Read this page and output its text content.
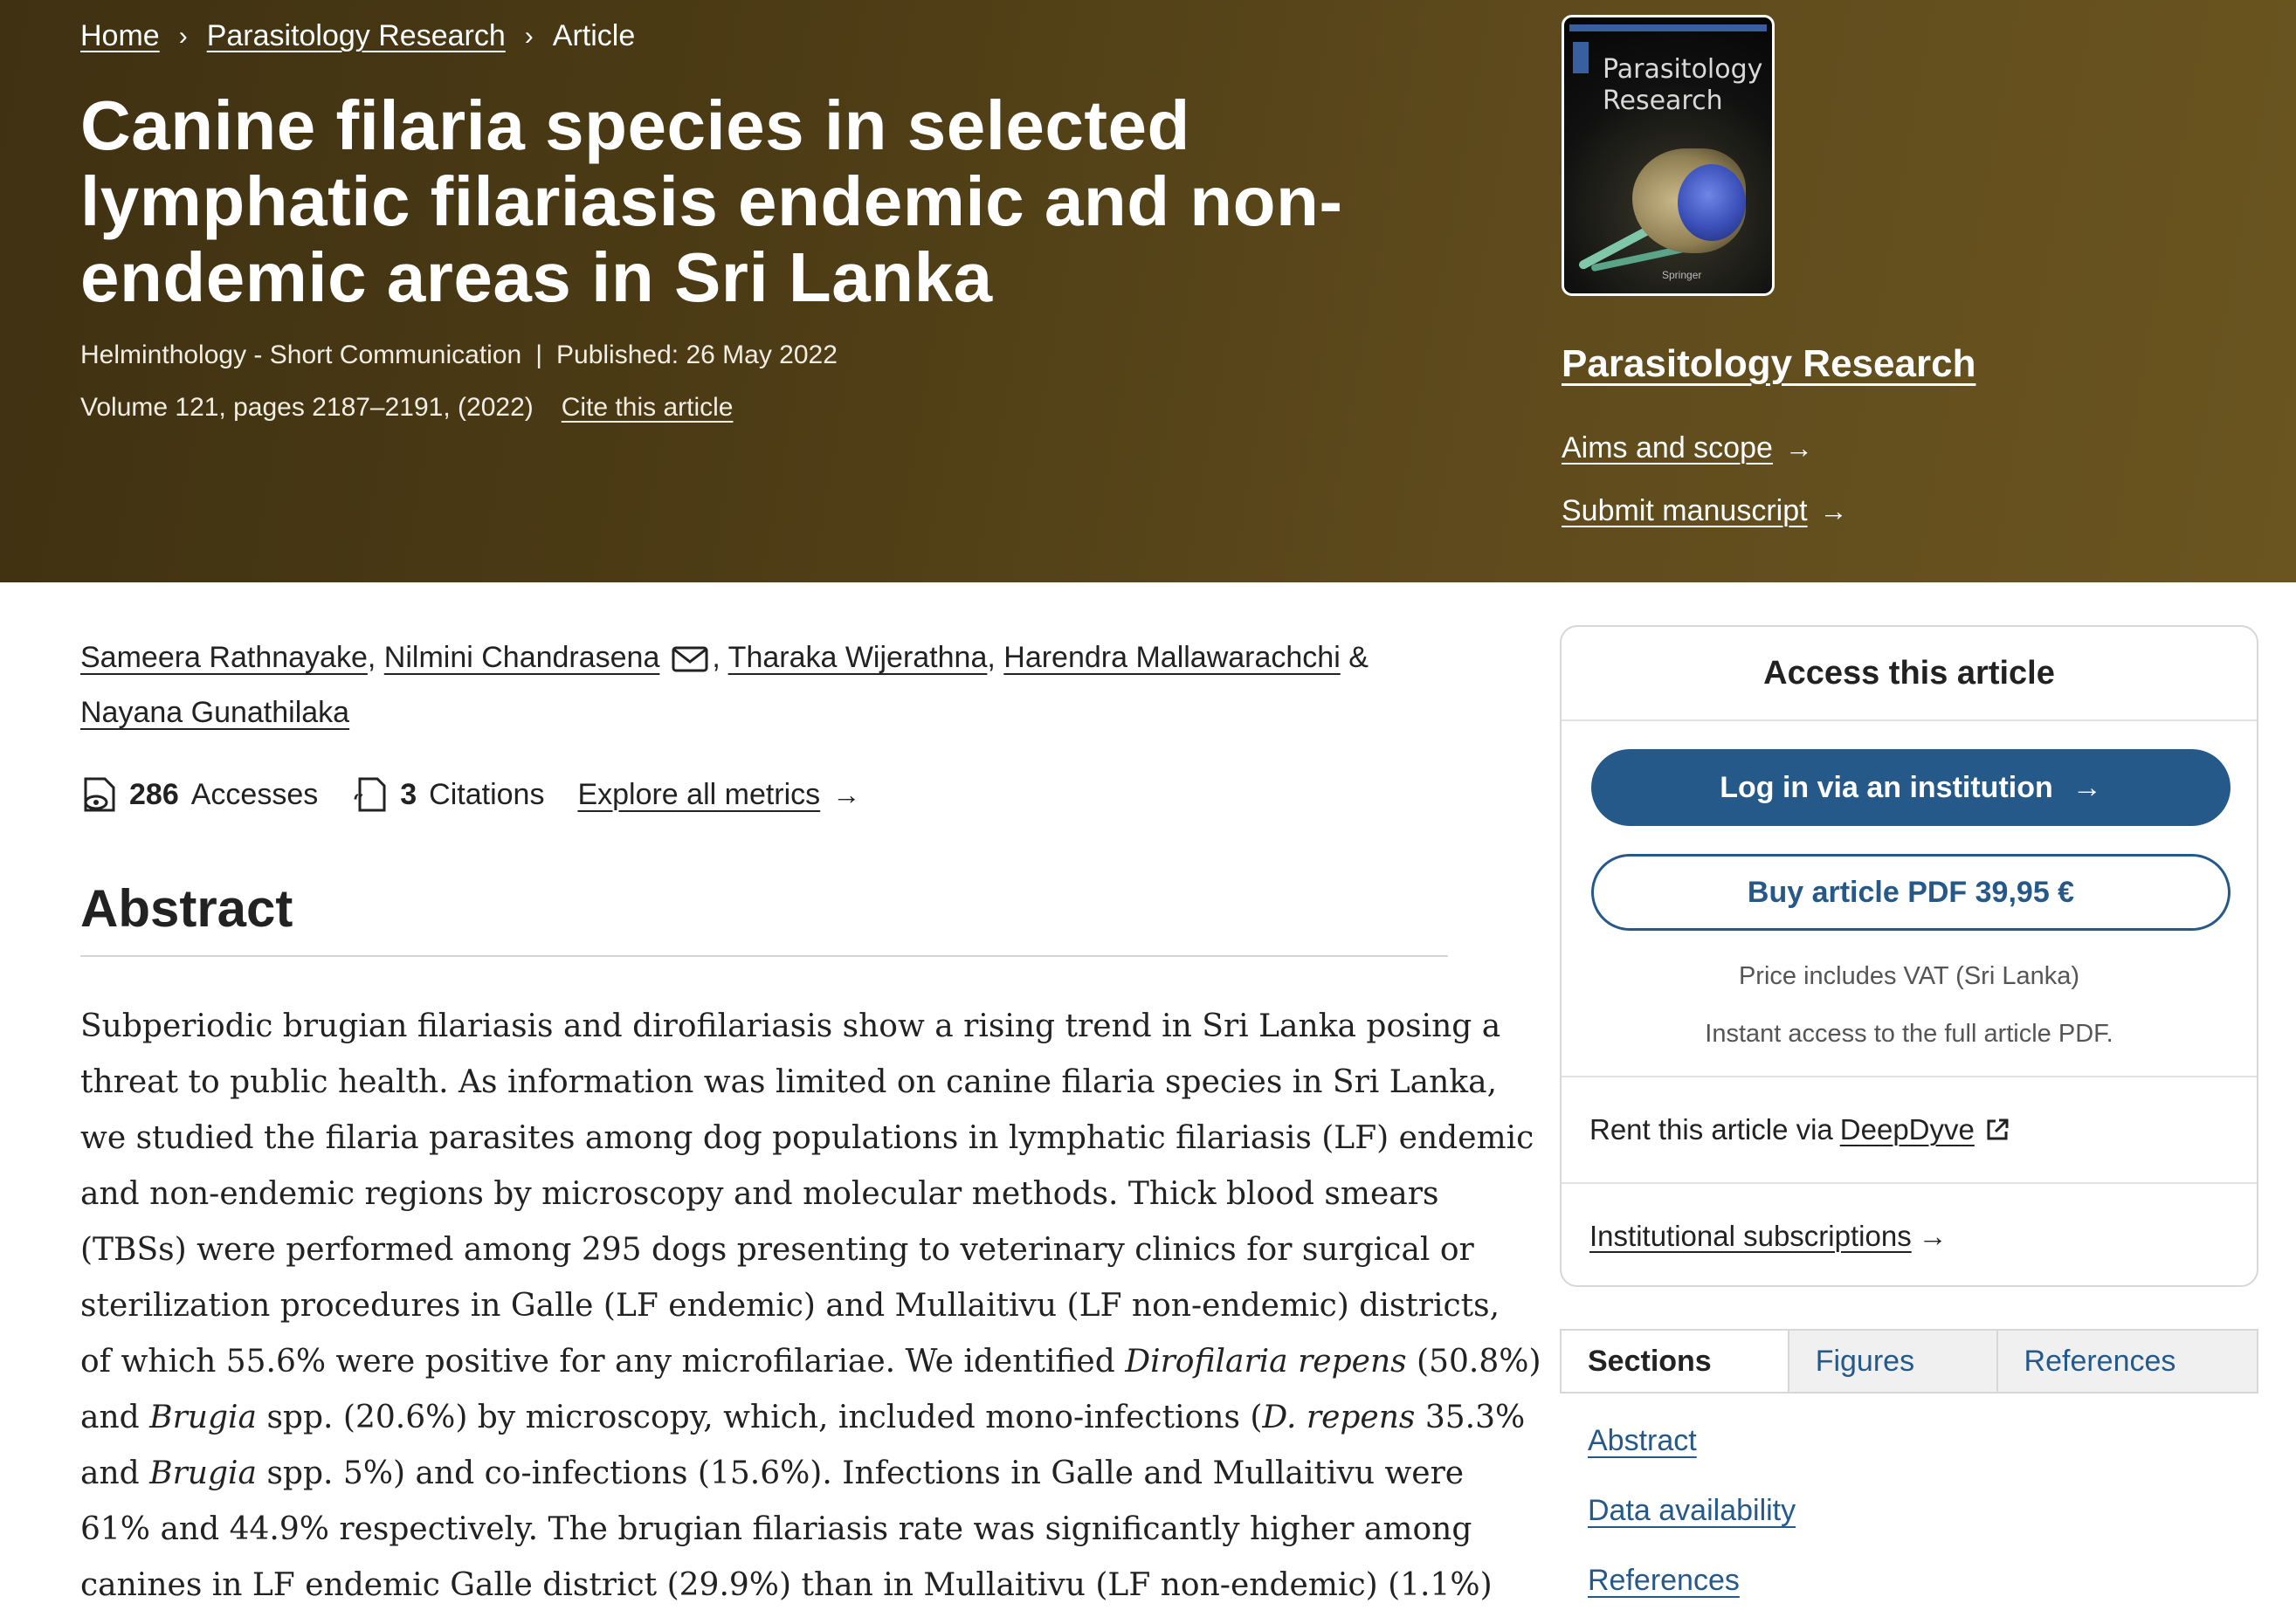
Home › Parasitology Research › Article
Canine filaria species in selected lymphatic filariasis endemic and non-endemic areas in Sri Lanka
Helminthology - Short Communication | Published: 26 May 2022
Volume 121, pages 2187–2191, (2022) Cite this article
Parasitology Research
Springer
Parasitology Research
Aims and scope →
Submit manuscript →
Sameera Rathnayake, Nilmini Chandrasena , Tharaka Wijerathna, Harendra Mallawarachchi &
Nayana Gunathilaka
286 Accesses “ 3 Citations Explore all metrics →
Abstract
Subperiodic brugian filariasis and dirofilariasis show a rising trend in Sri Lanka posing a
threat to public health. As information was limited on canine filaria species in Sri Lanka,
we studied the filaria parasites among dog populations in lymphatic filariasis (LF) endemic
and non-endemic regions by microscopy and molecular methods. Thick blood smears
(TBSs) were performed among 295 dogs presenting to veterinary clinics for surgical or
sterilization procedures in Galle (LF endemic) and Mullaitivu (LF non-endemic) districts,
of which 55.6% were positive for any microfilariae. We identified Dirofilaria repens (50.8%)
and Brugia spp. (20.6%) by microscopy, which, included mono-infections (D. repens 35.3%
and Brugia spp. 5%) and co-infections (15.6%). Infections in Galle and Mullaitivu were
61% and 44.9% respectively. The brugian filariasis rate was significantly higher among
canines in LF endemic Galle district (29.9%) than in Mullaitivu (LF non-endemic) (1.1%)
Access this article
Log in via an institution →
Buy article PDF 39,95 €
Price includes VAT (Sri Lanka)
Instant access to the full article PDF.
Rent this article via DeepDyve
Institutional subscriptions →
Sections	Figures	References
Abstract
Data availability
References
